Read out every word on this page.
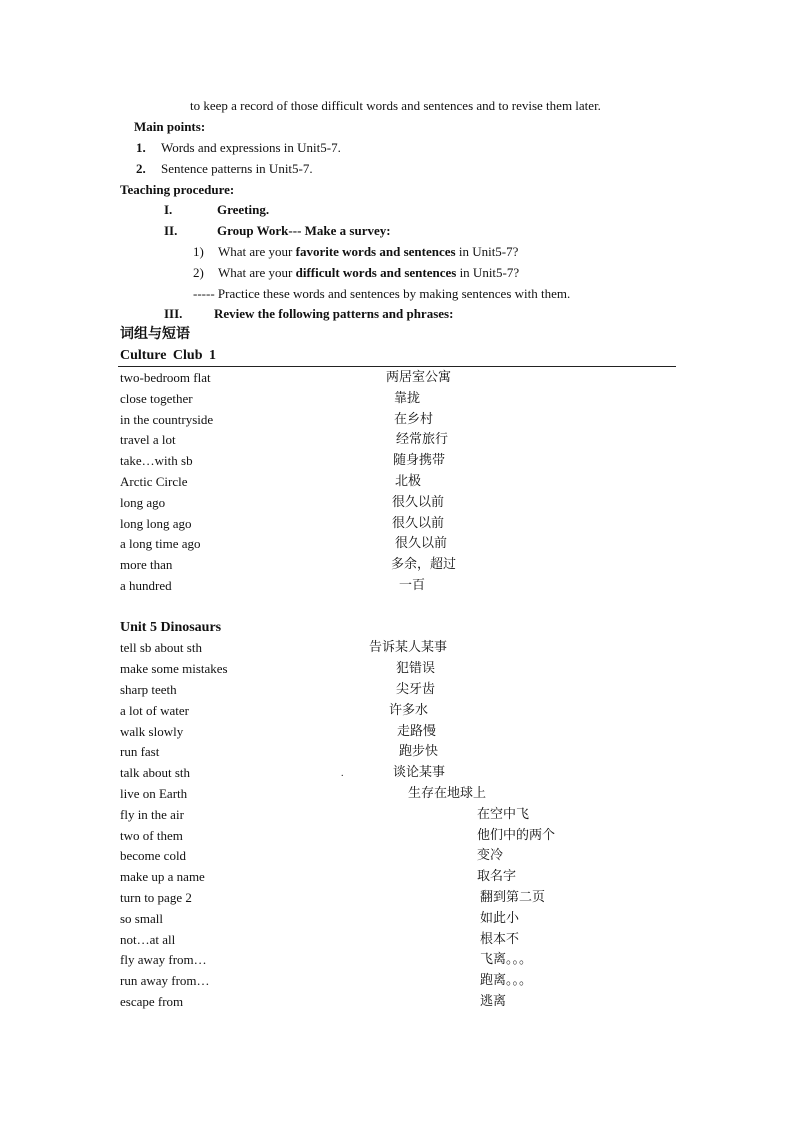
to keep a record of those difficult words and sentences and to revise them later.
Main points:
1. Words and expressions in Unit5-7.
2. Sentence patterns in Unit5-7.
Teaching procedure:
I.	Greeting.
II.	Group Work--- Make a survey:
1) What are your favorite words and sentences in Unit5-7?
2) What are your difficult words and sentences in Unit5-7?
----- Practice these words and sentences by making sentences with them.
III. Review the following patterns and phrases:
词组与短语
Culture Club 1
two-bedroom flat	两居室公寓
close together	靠拢
in the countryside	在乡村
travel a lot	经常旅行
take…with sb	随身携带
Arctic Circle	北极
long ago	很久以前
long long ago	很久以前
a long time ago	很久以前
more than	多余，超过
a hundred	一百
Unit 5 Dinosaurs
.
tell sb about sth	告诉某人某事
make some mistakes	犯错误
sharp teeth	尖牙齿
a lot of water	许多水
walk slowly	走路慢
run fast	跑步快
talk about sth	谈论某事
live on Earth	生存在地球上
fly in the air	在空中飞
two of them	他们中的两个
become cold	变冷
make up a name	取名字
turn to page 2	翻到第二页
so small	如此小
not…at all	根本不
fly away from…	飞离。。。
run away from…	跑离。。。
escape from	逃离
